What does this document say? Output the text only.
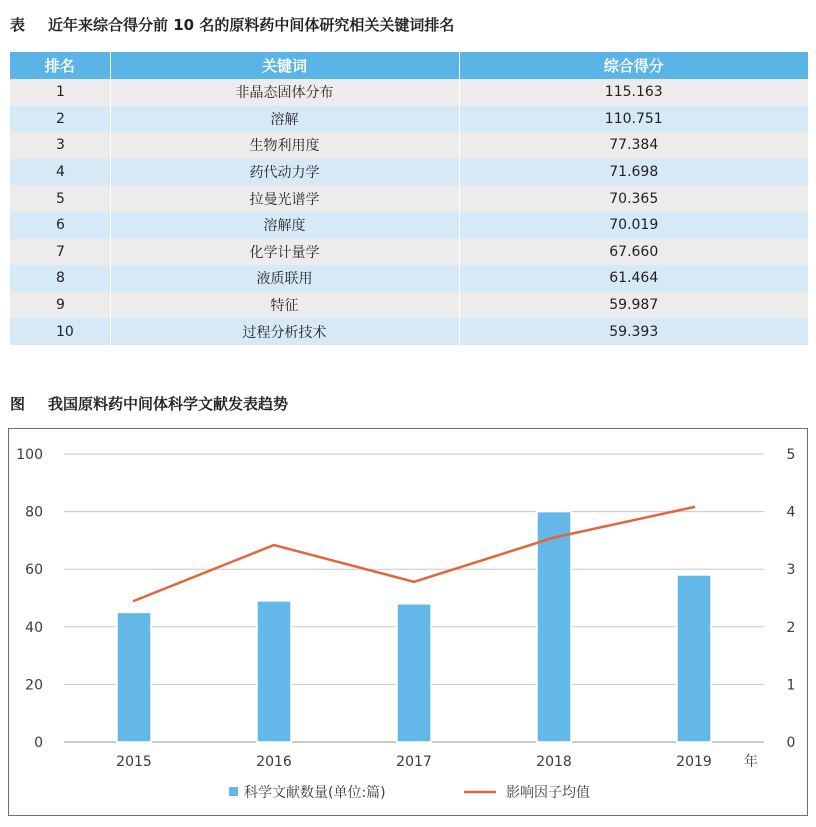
表 近年来综合得分前 10 名的原料药中间体研究相关关键词排名
排名	关键词	综合得分
1	非晶态固体分布	115.163
2	溶解	110.751
3	生物利用度	77.384
4	药代动力学	71.698
5	拉曼光谱学	70.365
6	溶解度	70.019
7	化学计量学	67.660
8	液质联用	61.464
9	特征	59.987
10	过程分析技术	59.393
图 我国原料药中间体科学文献发表趋势
0
20
40
60
80
100
0
1
2
3
4
5
2015	2016	2017	2018	2019 年
科学文献数量(单位:篇)	影响因子均值
